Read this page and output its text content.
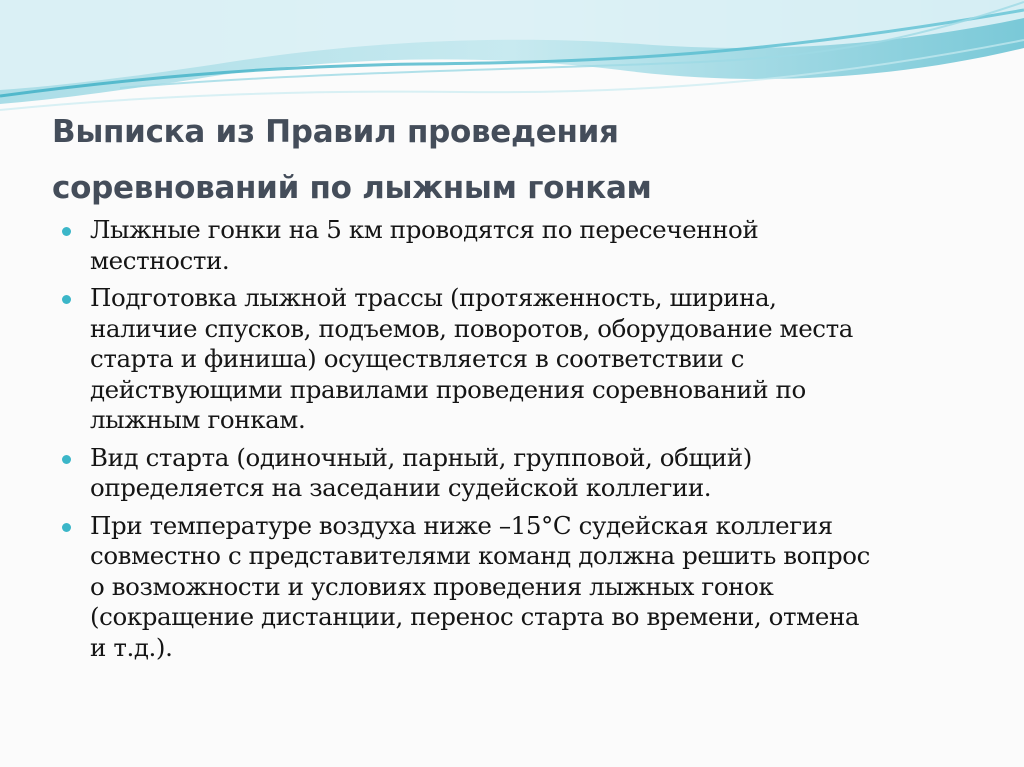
Выписка из Правил проведения
соревнований по лыжным гонкам
Лыжные гонки на 5 км проводятся по пересеченной
местности.
Подготовка лыжной трассы (протяженность, ширина,
наличие спусков, подъемов, поворотов, оборудование места
старта и финиша) осуществляется в соответствии с
действующими правилами проведения соревнований по
лыжным гонкам.
Вид старта (одиночный, парный, групповой, общий)
определяется на заседании судейской коллегии.
При температуре воздуха ниже –15°С судейская коллегия
совместно с представителями команд должна решить вопрос
о возможности и условиях проведения лыжных гонок
(сокращение дистанции, перенос старта во времени, отмена
и т.д.).
